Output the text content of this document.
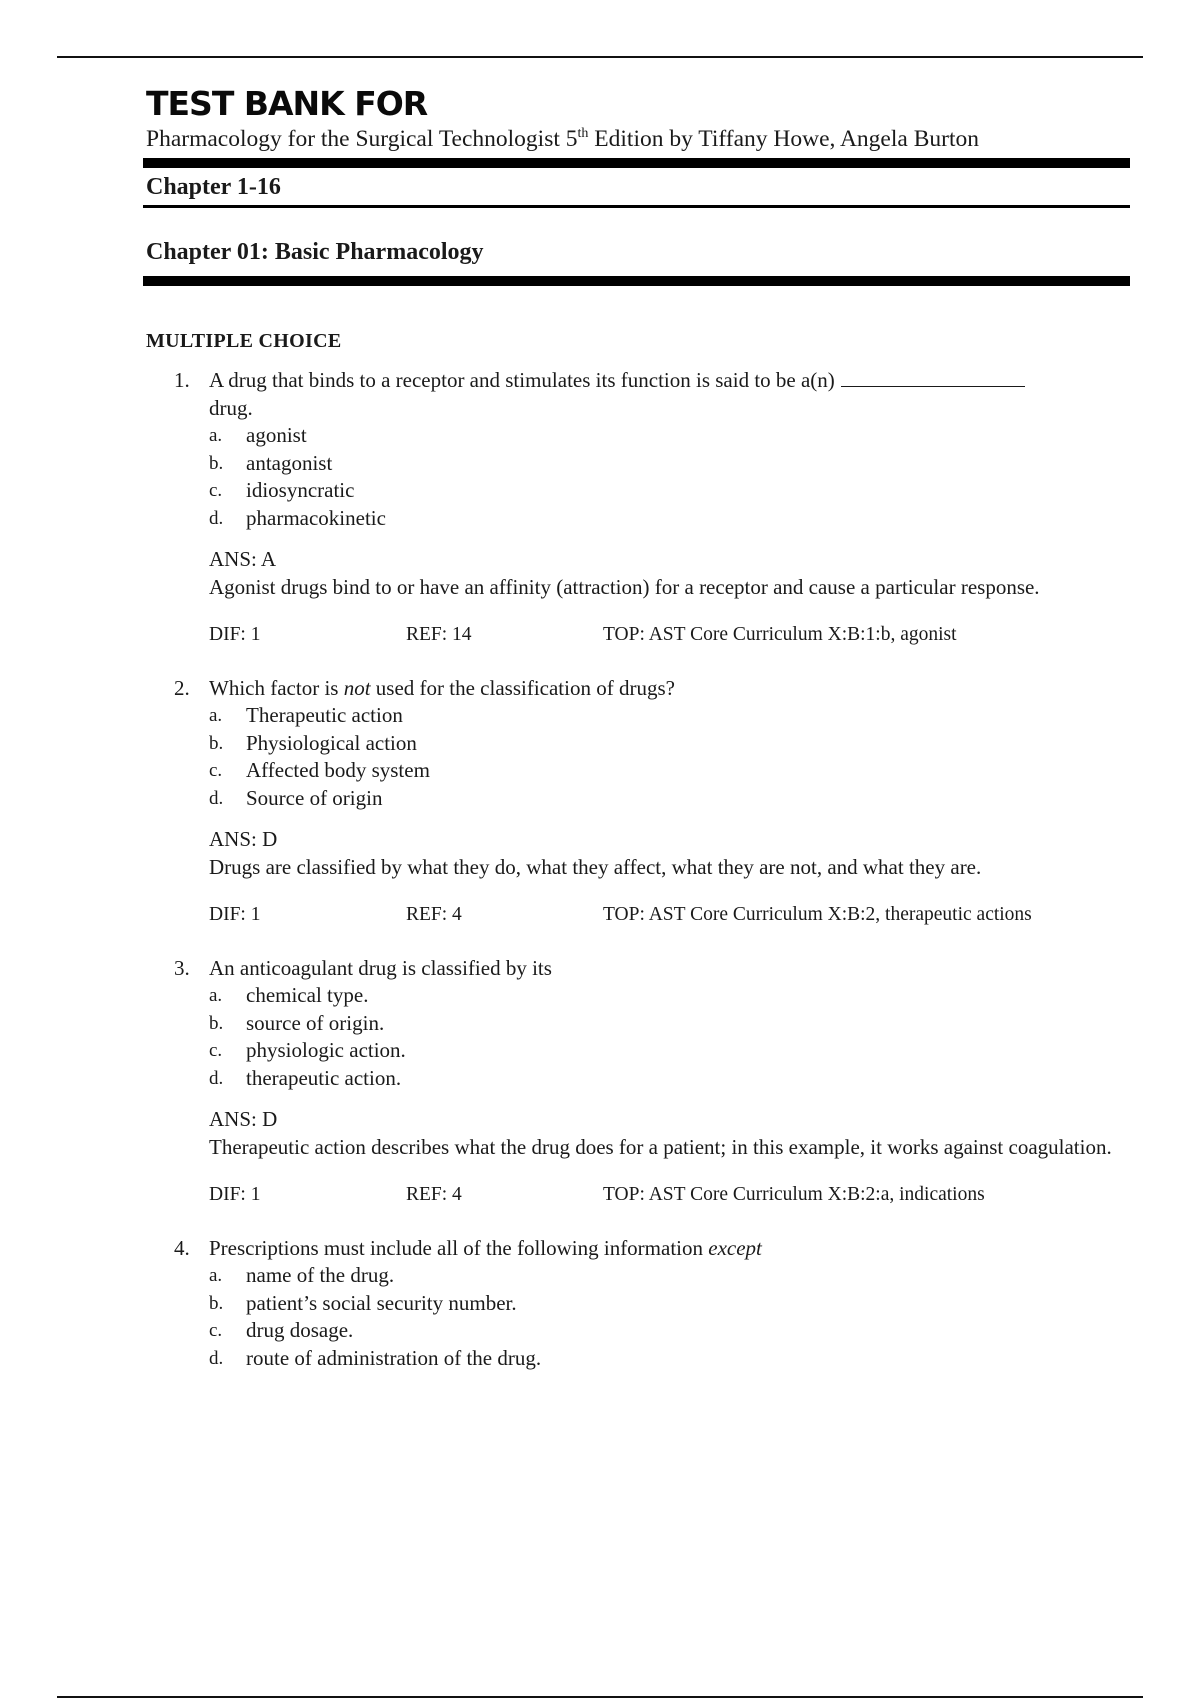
TEST BANK FOR
Pharmacology for the Surgical Technologist 5th Edition by Tiffany Howe, Angela Burton
Chapter 1-16
Chapter 01: Basic Pharmacology
MULTIPLE CHOICE
1. A drug that binds to a receptor and stimulates its function is said to be a(n)
drug.
a. agonist
b. antagonist
c. idiosyncratic
d. pharmacokinetic
ANS: A
Agonist drugs bind to or have an affinity (attraction) for a receptor and cause a particular response.
DIF: 1	REF: 14	TOP: AST Core Curriculum X:B:1:b, agonist
2. Which factor is not used for the classification of drugs?
a. Therapeutic action
b. Physiological action
c. Affected body system
d. Source of origin
ANS: D
Drugs are classified by what they do, what they affect, what they are not, and what they are.
DIF: 1	REF: 4	TOP: AST Core Curriculum X:B:2, therapeutic actions
3. An anticoagulant drug is classified by its
a. chemical type.
b. source of origin.
c. physiologic action.
d. therapeutic action.
ANS: D
Therapeutic action describes what the drug does for a patient; in this example, it works against coagulation.
DIF: 1	REF: 4	TOP: AST Core Curriculum X:B:2:a, indications
4. Prescriptions must include all of the following information except
a. name of the drug.
b. patient’s social security number.
c. drug dosage.
d. route of administration of the drug.
